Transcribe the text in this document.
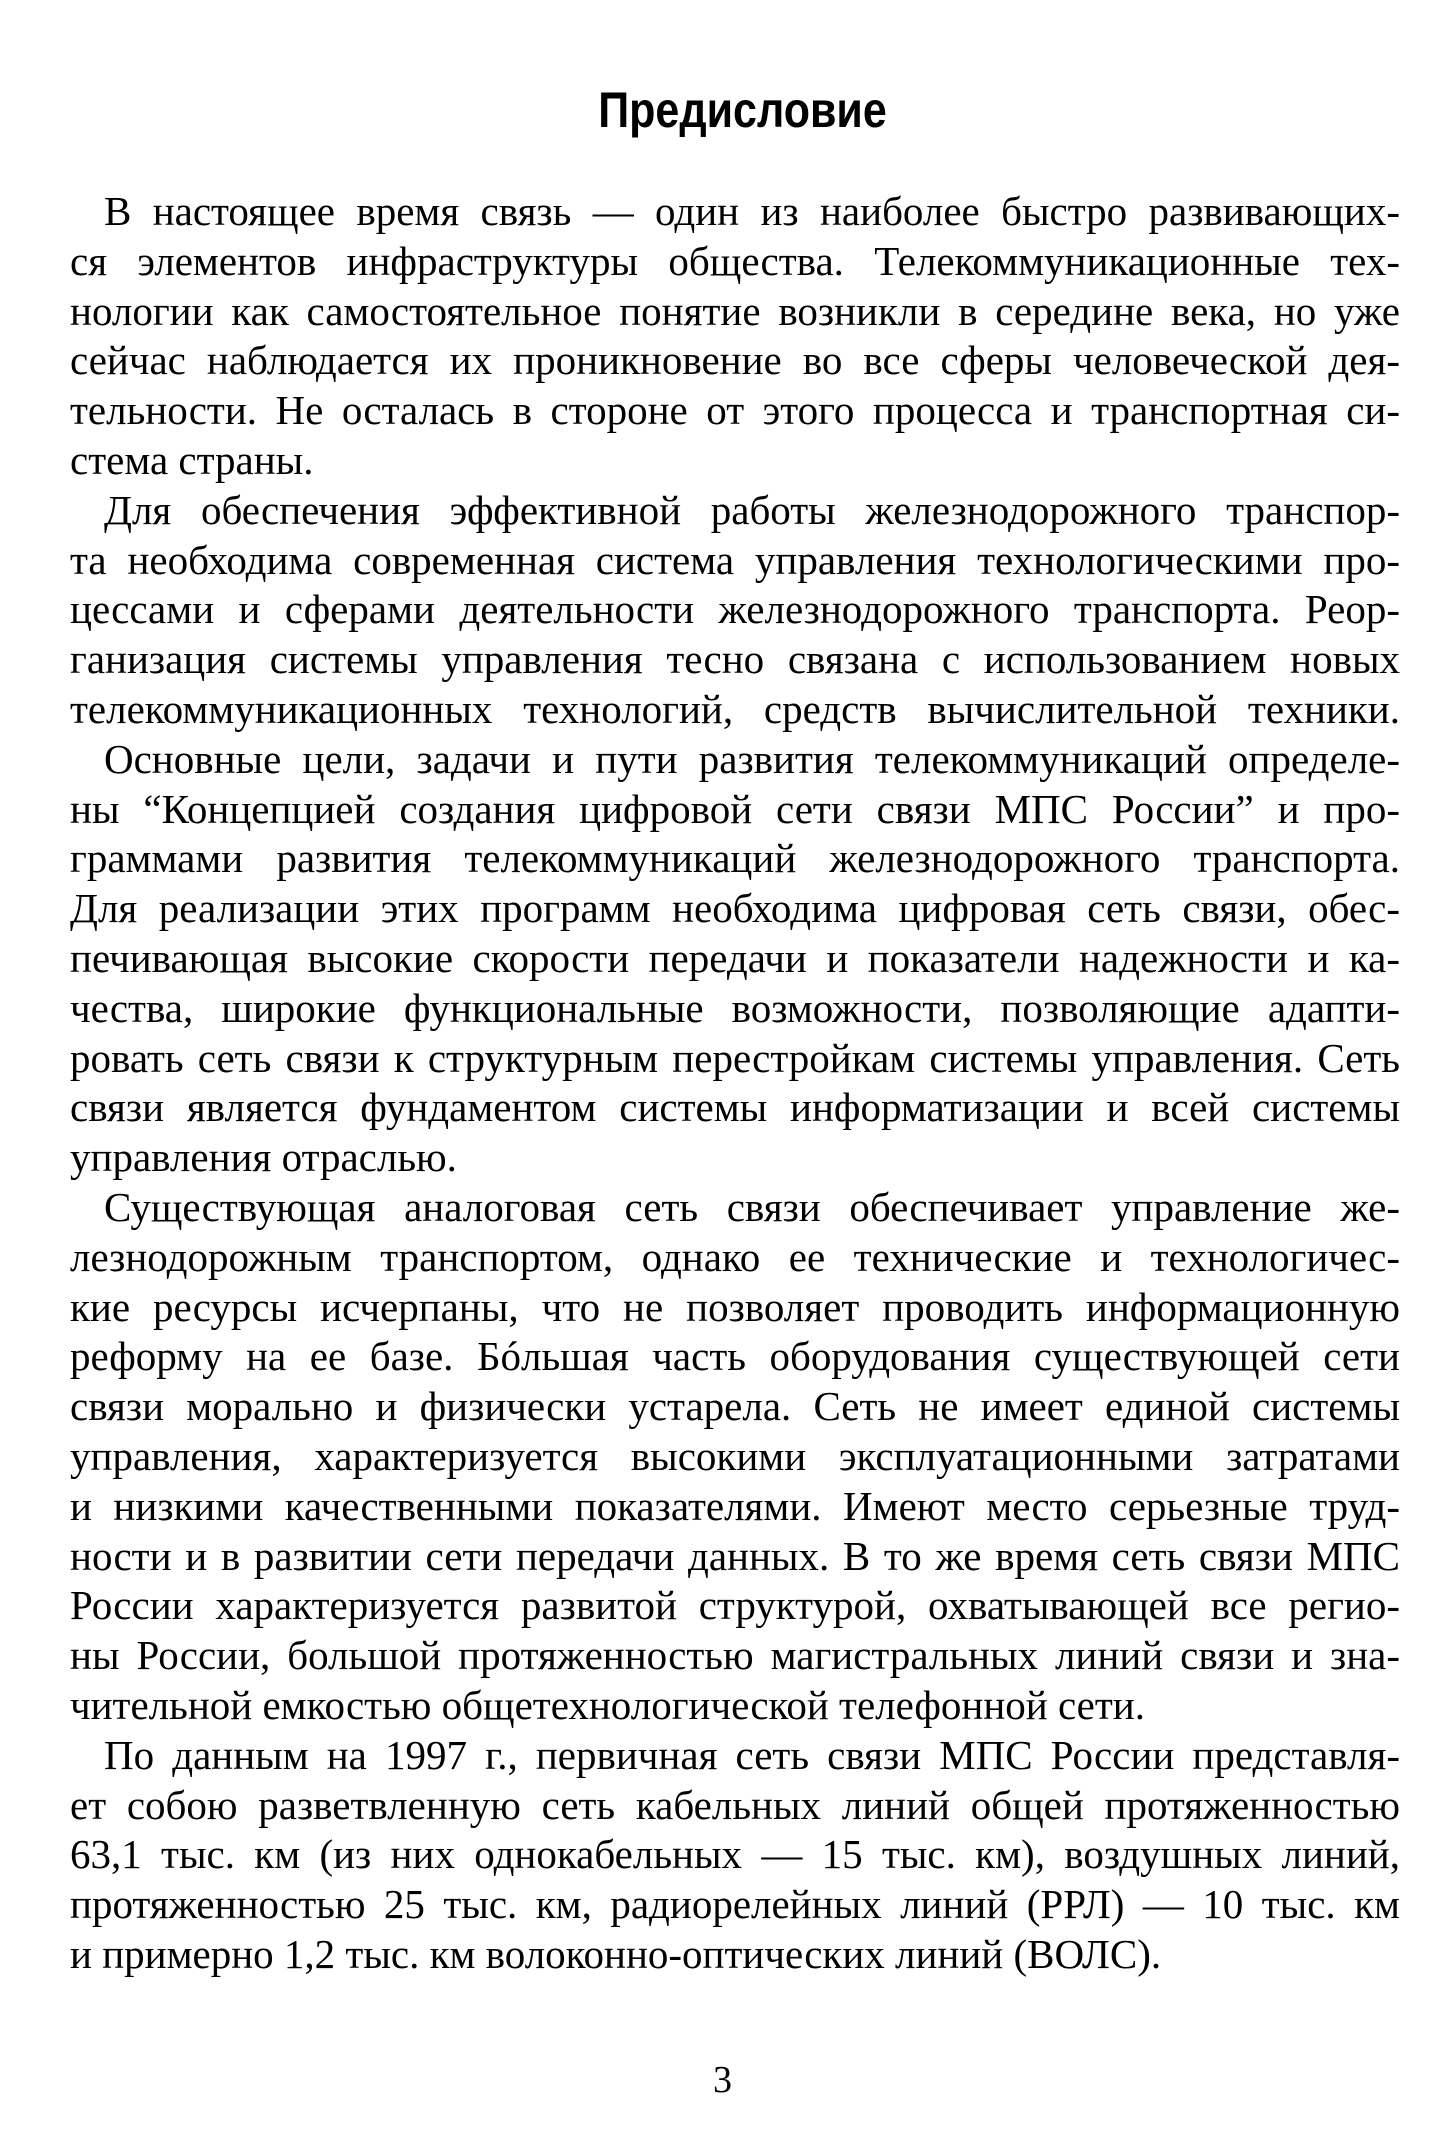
Предисловие
В настоящее время связь — один из наиболее быстро развивающих-
ся элементов инфраструктуры общества. Телекоммуникационные тех-
нологии как самостоятельное понятие возникли в середине века, но уже
сейчас наблюдается их проникновение во все сферы человеческой дея-
тельности. Не осталась в стороне от этого процесса и транспортная си-
стема страны.
Для обеспечения эффективной работы железнодорожного транспор-
та необходима современная система управления технологическими про-
цессами и сферами деятельности железнодорожного транспорта. Реор-
ганизация системы управления тесно связана с использованием новых
телекоммуникационных технологий, средств вычислительной техники.
Основные цели, задачи и пути развития телекоммуникаций определе-
ны “Концепцией создания цифровой сети связи МПС России” и про-
граммами развития телекоммуникаций железнодорожного транспорта.
Для реализации этих программ необходима цифровая сеть связи, обес-
печивающая высокие скорости передачи и показатели надежности и ка-
чества, широкие функциональные возможности, позволяющие адапти-
ровать сеть связи к структурным перестройкам системы управления. Сеть
связи является фундаментом системы информатизации и всей системы
управления отраслью.
Существующая аналоговая сеть связи обеспечивает управление же-
лезнодорожным транспортом, однако ее технические и технологичес-
кие ресурсы исчерпаны, что не позволяет проводить информационную
реформу на ее базе. Бóльшая часть оборудования существующей сети
связи морально и физически устарела. Сеть не имеет единой системы
управления, характеризуется высокими эксплуатационными затратами
и низкими качественными показателями. Имеют место серьезные труд-
ности и в развитии сети передачи данных. В то же время сеть связи МПС
России характеризуется развитой структурой, охватывающей все регио-
ны России, большой протяженностью магистральных линий связи и зна-
чительной емкостью общетехнологической телефонной сети.
По данным на 1997 г., первичная сеть связи МПС России представля-
ет собою разветвленную сеть кабельных линий общей протяженностью
63,1 тыс. км (из них однокабельных — 15 тыс. км), воздушных линий,
протяженностью 25 тыс. км, радиорелейных линий (РРЛ) — 10 тыс. км
и примерно 1,2 тыс. км волоконно-оптических линий (ВОЛС).
3
